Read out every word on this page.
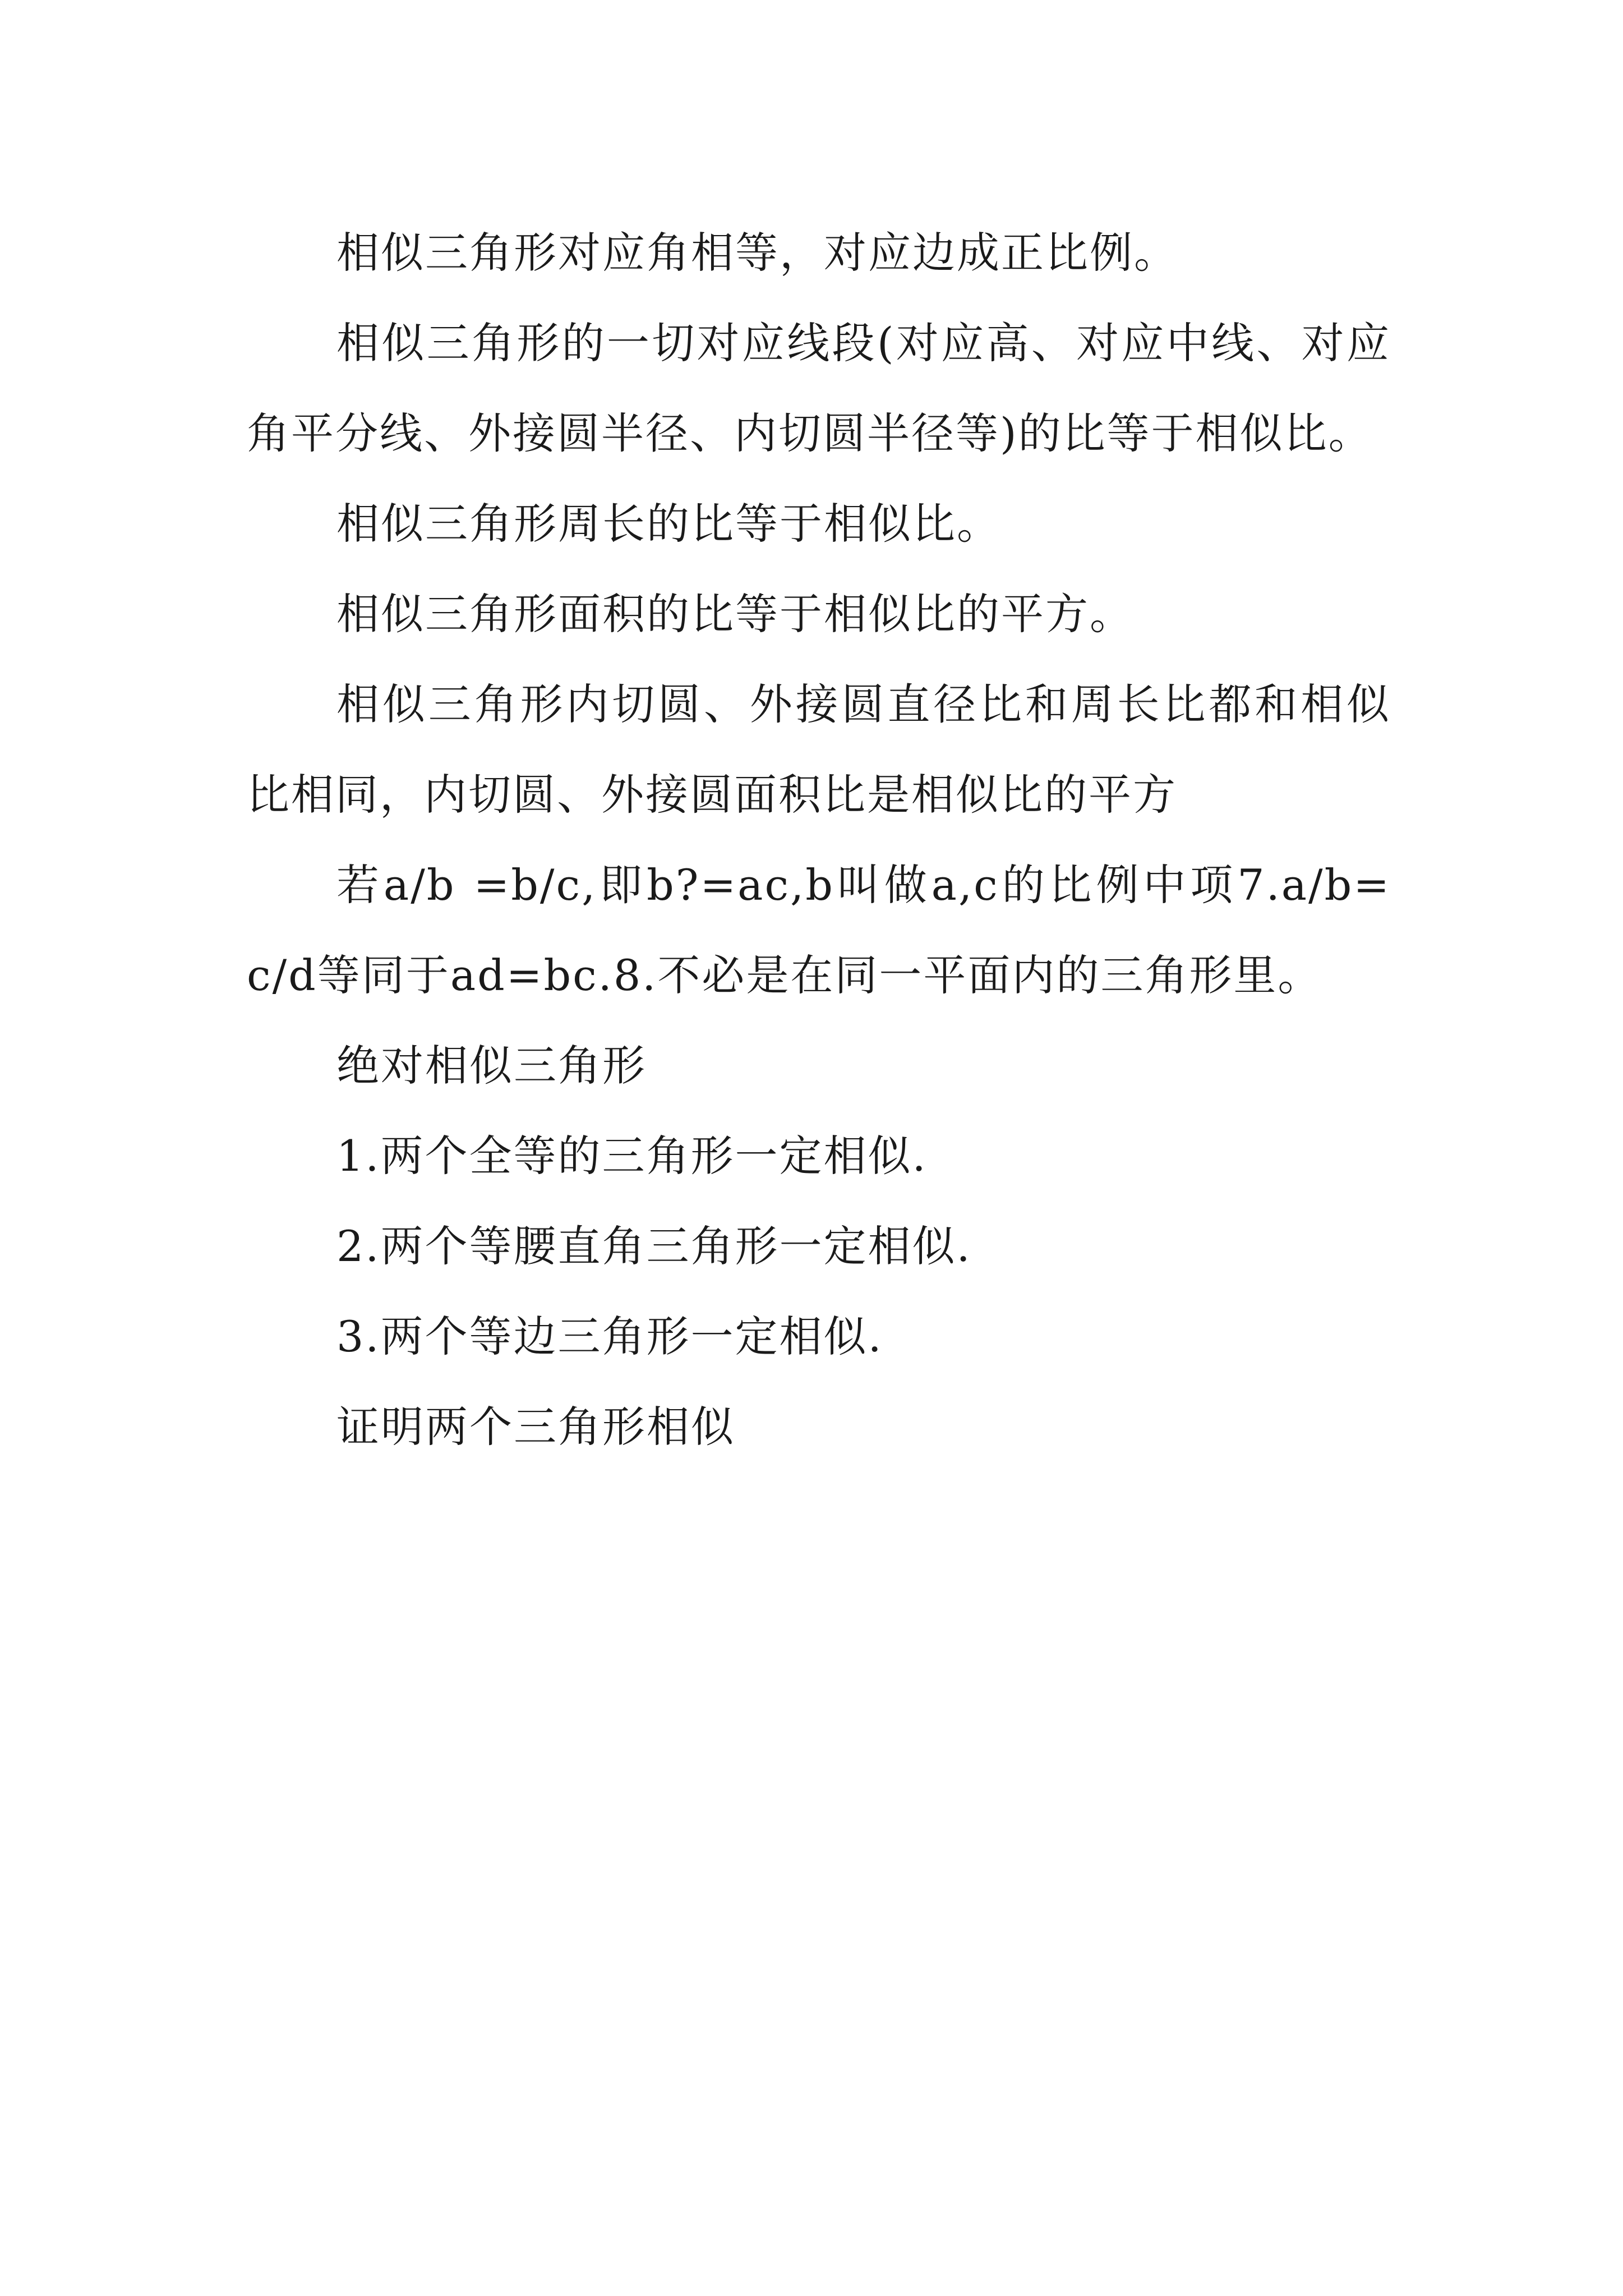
相似三角形对应角相等，对应边成正比例。

相似三角形的一切对应线段(对应高、对应中线、对应角平分线、外接圆半径、内切圆半径等)的比等于相似比。

相似三角形周长的比等于相似比。

相似三角形面积的比等于相似比的平方。

相似三角形内切圆、外接圆直径比和周长比都和相似比相同，内切圆、外接圆面积比是相似比的平方

若a/b =b/c,即b?=ac,b叫做a,c的比例中项7.a/b=c/d等同于ad=bc.8.不必是在同一平面内的三角形里。

绝对相似三角形

1.两个全等的三角形一定相似.

2.两个等腰直角三角形一定相似.

3.两个等边三角形一定相似.

证明两个三角形相似
